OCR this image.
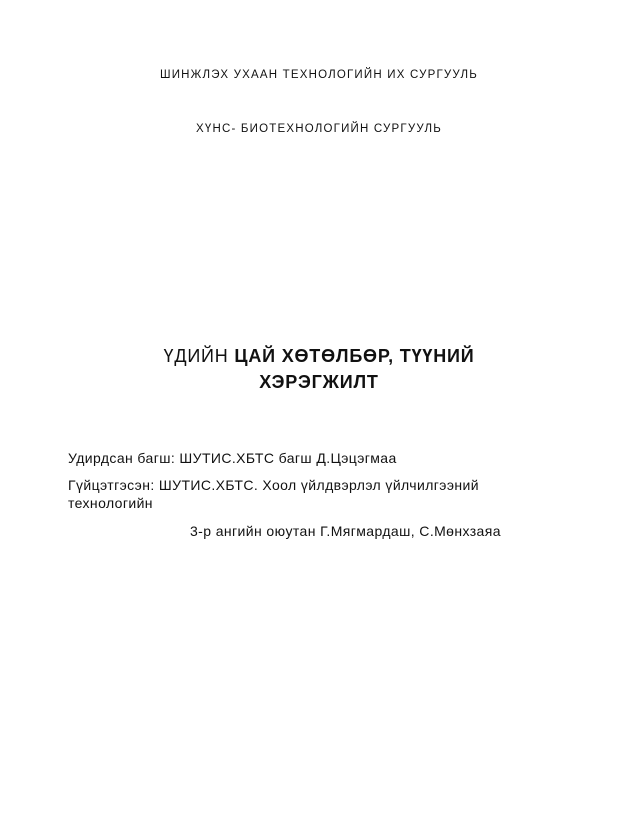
ШИНЖЛЭХ УХААН ТЕХНОЛОГИЙН ИХ СУРГУУЛЬ
ХҮНС- БИОТЕХНОЛОГИЙН СУРГУУЛЬ
ҮДИЙН ЦАЙ ХӨТӨЛБӨР, ТҮҮНИЙ
ХЭРЭГЖИЛТ
Удирдсан багш: ШУТИС.ХБТС багш Д.Цэцэгмаа
Гүйцэтгэсэн: ШУТИС.ХБТС. Хоол үйлдвэрлэл үйлчилгээний
технологийн
3-р ангийн оюутан Г.Мягмардаш, С.Мөнхзаяа
